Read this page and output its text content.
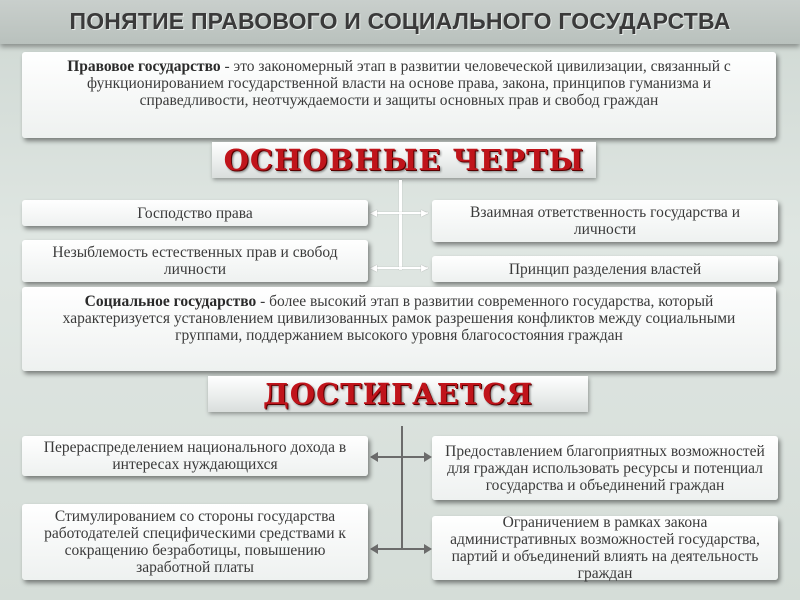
ПОНЯТИЕ ПРАВОВОГО И СОЦИАЛЬНОГО ГОСУДАРСТВА
Правовое государство - это закономерный этап в развитии человеческой цивилизации, связанный с функционированием государственной власти на основе права, закона, принципов гуманизма и справедливости, неотчуждаемости и защиты основных прав и свобод граждан
ОСНОВНЫЕ ЧЕРТЫ
◂	▸
◂	▸
Господство права
Незыблемость естественных прав и свобод личности
Взаимная ответственность государства и личности
Принцип разделения властей
Социальное государство - более высокий этап в развитии современного государства, который характеризуется установлением цивилизованных рамок разрешения конфликтов между социальными группами, поддержанием высокого уровня благосостояния граждан
ДОСТИГАЕТСЯ
Перераспределением национального дохода в интересах нуждающихся
Стимулированием со стороны государства работодателей специфическими средствами к сокращению безработицы, повышению заработной платы
Предоставлением благоприятных возможностей для граждан использовать ресурсы и потенциал государства и объединений граждан
Ограничением в рамках закона административных возможностей государства, партий и объединений влиять на деятельность граждан
